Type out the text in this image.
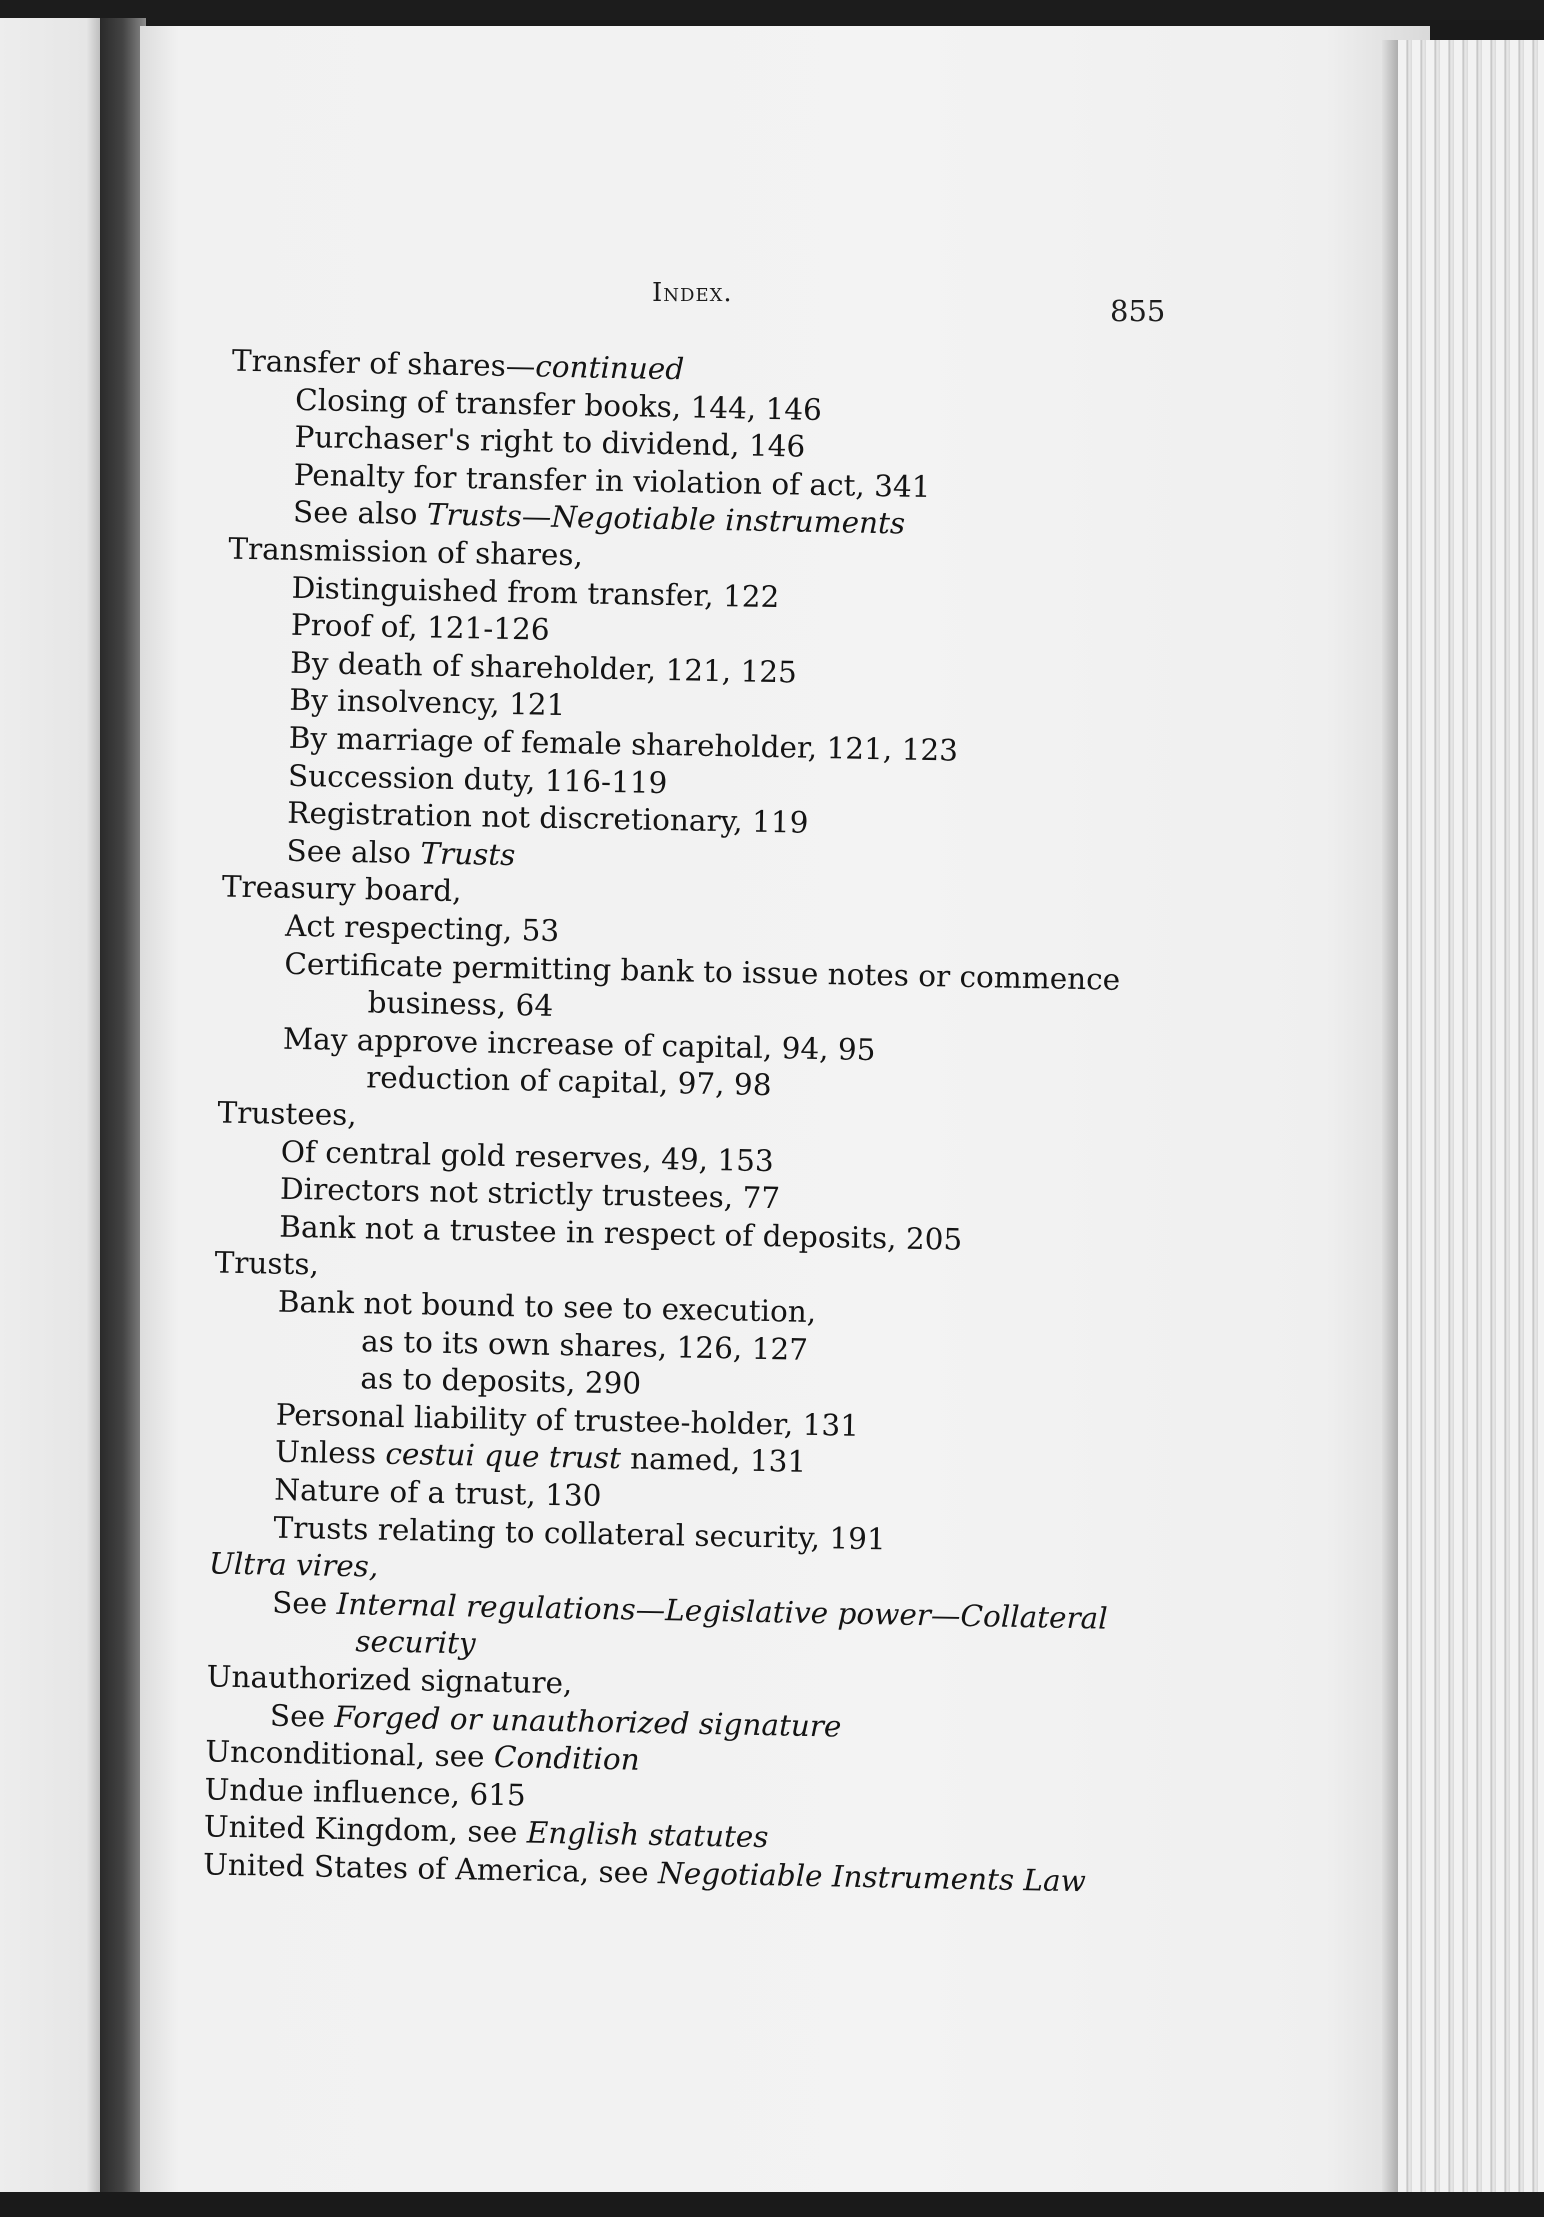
Index.
855
Transfer of shares—continued
Closing of transfer books, 144, 146
Purchaser's right to dividend, 146
Penalty for transfer in violation of act, 341
See also Trusts—Negotiable instruments
Transmission of shares,
Distinguished from transfer, 122
Proof of, 121-126
By death of shareholder, 121, 125
By insolvency, 121
By marriage of female shareholder, 121, 123
Succession duty, 116-119
Registration not discretionary, 119
See also Trusts
Treasury board,
Act respecting, 53
Certificate permitting bank to issue notes or commence
business, 64
May approve increase of capital, 94, 95
reduction of capital, 97, 98
Trustees,
Of central gold reserves, 49, 153
Directors not strictly trustees, 77
Bank not a trustee in respect of deposits, 205
Trusts,
Bank not bound to see to execution,
as to its own shares, 126, 127
as to deposits, 290
Personal liability of trustee-holder, 131
Unless cestui que trust named, 131
Nature of a trust, 130
Trusts relating to collateral security, 191
Ultra vires,
See Internal regulations—Legislative power—Collateral
security
Unauthorized signature,
See Forged or unauthorized signature
Unconditional, see Condition
Undue influence, 615
United Kingdom, see English statutes
United States of America, see Negotiable Instruments Law
